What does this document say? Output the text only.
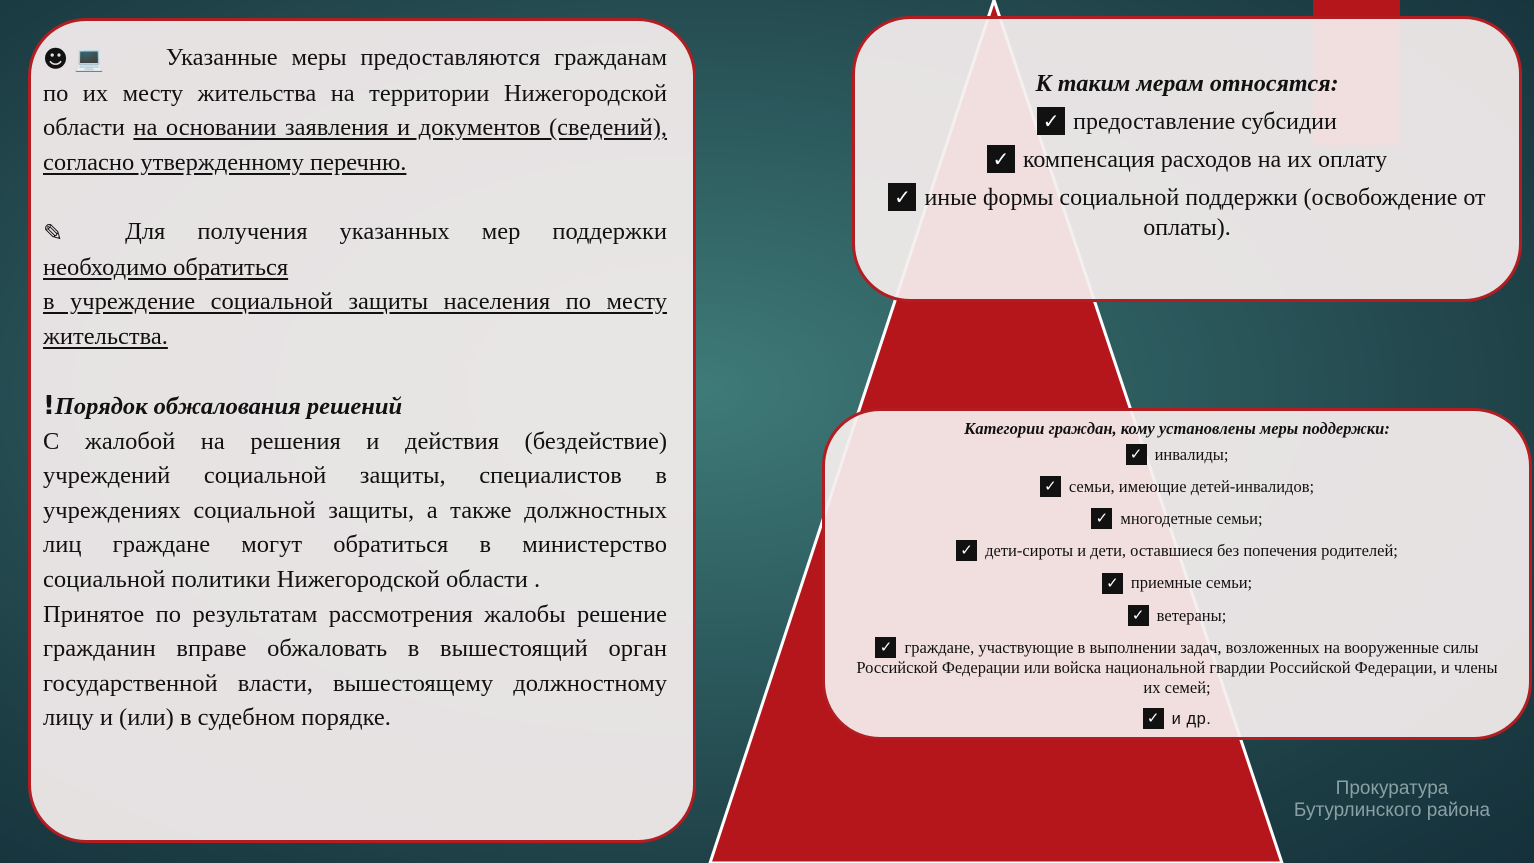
☻ 💻	Указанные меры предоставляются гражданам по их месту жительства на территории Нижегородской области на основании заявления и документов (сведений), согласно утвержденному перечню.

✎	Для получения указанных мер поддержки необходимо обратиться
в учреждение социальной защиты населения по месту жительства.

!Порядок обжалования решений

С жалобой на решения и действия (бездействие) учреждений социальной защиты, специалистов в учреждениях социальной защиты, а также должностных лиц граждане могут обратиться в министерство социальной политики Нижегородской области .

Принятое по результатам рассмотрения жалобы решение гражданин вправе обжаловать в вышестоящий орган государственной власти, вышестоящему должностному лицу и (или) в судебном порядке.

К таким мерам относятся:
✓ предоставление субсидии
✓ компенсация расходов на их оплату
✓ иные формы социальной поддержки (освобождение от оплаты).
Категории граждан, кому установлены меры поддержки:
✓ инвалиды;
✓ семьи, имеющие детей-инвалидов;
✓ многодетные семьи;
✓ дети-сироты и дети, оставшиеся без попечения родителей;
✓ приемные семьи;
✓ ветераны;
✓ граждане, участвующие в выполнении задач, возложенных на вооруженные силы Российской Федерации или войска национальной гвардии Российской Федерации, и члены их семей;
✓ и др.
Прокуратура
Бутурлинского района
